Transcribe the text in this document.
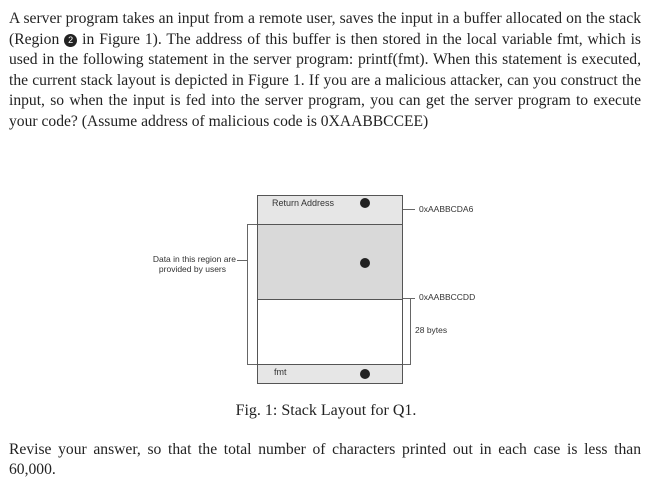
A server program takes an input from a remote user, saves the input in a buffer allocated on the stack (Region 2 in Figure 1). The address of this buffer is then stored in the local variable fmt, which is used in the following statement in the server program: printf(fmt). When this statement is executed, the current stack layout is depicted in Figure 1. If you are a malicious attacker, can you construct the input, so when the input is fed into the server program, you can get the server program to execute your code? (Assume address of malicious code is 0XAABBCCEE)

Return Address
fmt
Data in this region are
provided by users
0xAABBCDA6
0xAABBCCDD
28 bytes
Fig. 1: Stack Layout for Q1.

Revise your answer, so that the total number of characters printed out in each case is less than 60,000.
